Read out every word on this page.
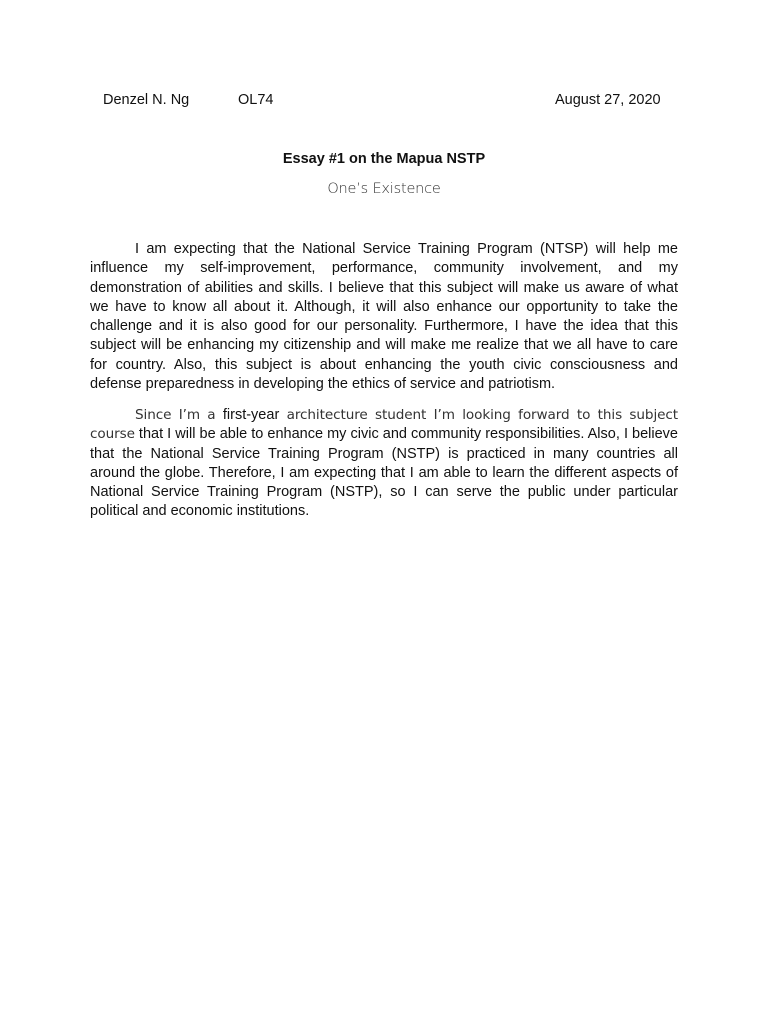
Denzel N. Ng	OL74	August 27, 2020
Essay #1 on the Mapua NSTP
One’s Existence

I am expecting that the National Service Training Program (NTSP) will help me influence my self-improvement, performance, community involvement, and my demonstration of abilities and skills. I believe that this subject will make us aware of what we have to know all about it. Although, it will also enhance our opportunity to take the challenge and it is also good for our personality. Furthermore, I have the idea that this subject will be enhancing my citizenship and will make me realize that we all have to care for country. Also, this subject is about enhancing the youth civic consciousness and defense preparedness in developing the ethics of service and patriotism.

Since I’m a first-year architecture student I’m looking forward to this subject course that I will be able to enhance my civic and community responsibilities. Also, I believe that the National Service Training Program (NSTP) is practiced in many countries all around the globe. Therefore, I am expecting that I am able to learn the different aspects of National Service Training Program (NSTP), so I can serve the public under particular political and economic institutions.
